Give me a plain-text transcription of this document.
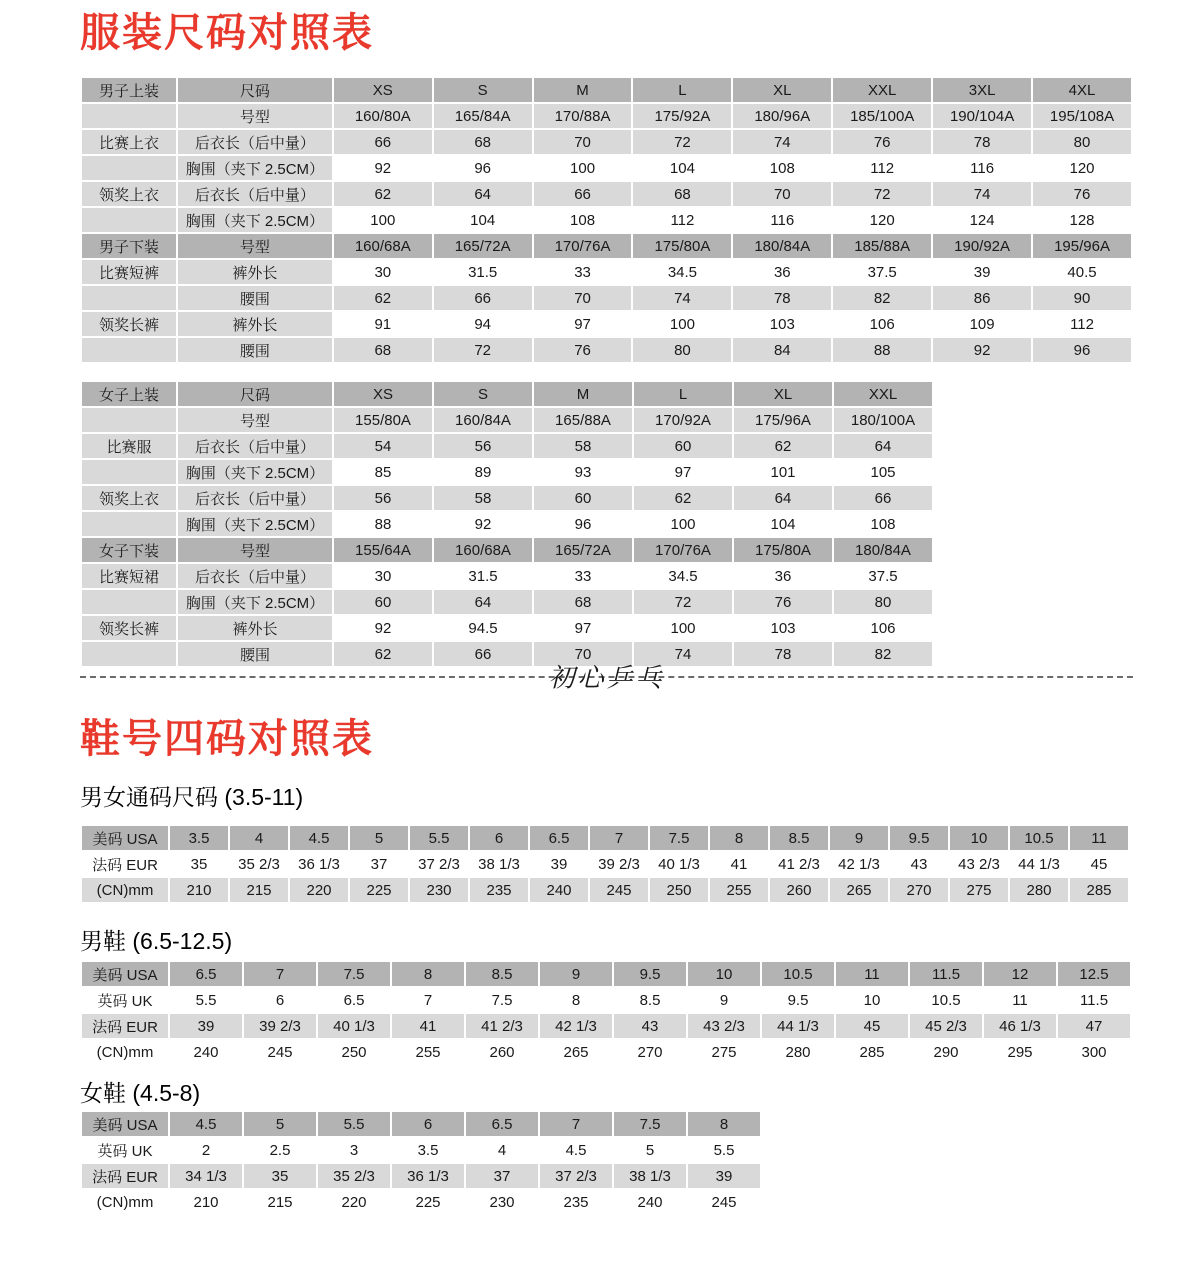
服装尺码对照表
男子上装	尺码	XS	S	M	L	XL	XXL	3XL	4XL
	号型	160/80A	165/84A	170/88A	175/92A	180/96A	185/100A	190/104A	195/108A
比赛上衣	后衣长（后中量）	66	68	70	72	74	76	78	80
	胸围（夹下 2.5CM）	92	96	100	104	108	112	116	120
领奖上衣	后衣长（后中量）	62	64	66	68	70	72	74	76
	胸围（夹下 2.5CM）	100	104	108	112	116	120	124	128
男子下装	号型	160/68A	165/72A	170/76A	175/80A	180/84A	185/88A	190/92A	195/96A
比赛短裤	裤外长	30	31.5	33	34.5	36	37.5	39	40.5
	腰围	62	66	70	74	78	82	86	90
领奖长裤	裤外长	91	94	97	100	103	106	109	112
	腰围	68	72	76	80	84	88	92	96
女子上装	尺码	XS	S	M	L	XL	XXL
	号型	155/80A	160/84A	165/88A	170/92A	175/96A	180/100A
比赛服	后衣长（后中量）	54	56	58	60	62	64
	胸围（夹下 2.5CM）	85	89	93	97	101	105
领奖上衣	后衣长（后中量）	56	58	60	62	64	66
	胸围（夹下 2.5CM）	88	92	96	100	104	108
女子下装	号型	155/64A	160/68A	165/72A	170/76A	175/80A	180/84A
比赛短裙	后衣长（后中量）	30	31.5	33	34.5	36	37.5
	胸围（夹下 2.5CM）	60	64	68	72	76	80
领奖长裤	裤外长	92	94.5	97	100	103	106
	腰围	62	66	70	74	78	82
初心乒乓
鞋号四码对照表
男女通码尺码 (3.5-11)
美码 USA	3.5	4	4.5	5	5.5	6	6.5	7	7.5	8	8.5	9	9.5	10	10.5	11
法码 EUR	35	35 2/3	36 1/3	37	37 2/3	38 1/3	39	39 2/3	40 1/3	41	41 2/3	42 1/3	43	43 2/3	44 1/3	45
(CN)mm	210	215	220	225	230	235	240	245	250	255	260	265	270	275	280	285
男鞋 (6.5-12.5)
美码 USA	6.5	7	7.5	8	8.5	9	9.5	10	10.5	11	11.5	12	12.5
英码 UK	5.5	6	6.5	7	7.5	8	8.5	9	9.5	10	10.5	11	11.5
法码 EUR	39	39 2/3	40 1/3	41	41 2/3	42 1/3	43	43 2/3	44 1/3	45	45 2/3	46 1/3	47
(CN)mm	240	245	250	255	260	265	270	275	280	285	290	295	300
女鞋 (4.5-8)
美码 USA	4.5	5	5.5	6	6.5	7	7.5	8
英码 UK	2	2.5	3	3.5	4	4.5	5	5.5
法码 EUR	34 1/3	35	35 2/3	36 1/3	37	37 2/3	38 1/3	39
(CN)mm	210	215	220	225	230	235	240	245
